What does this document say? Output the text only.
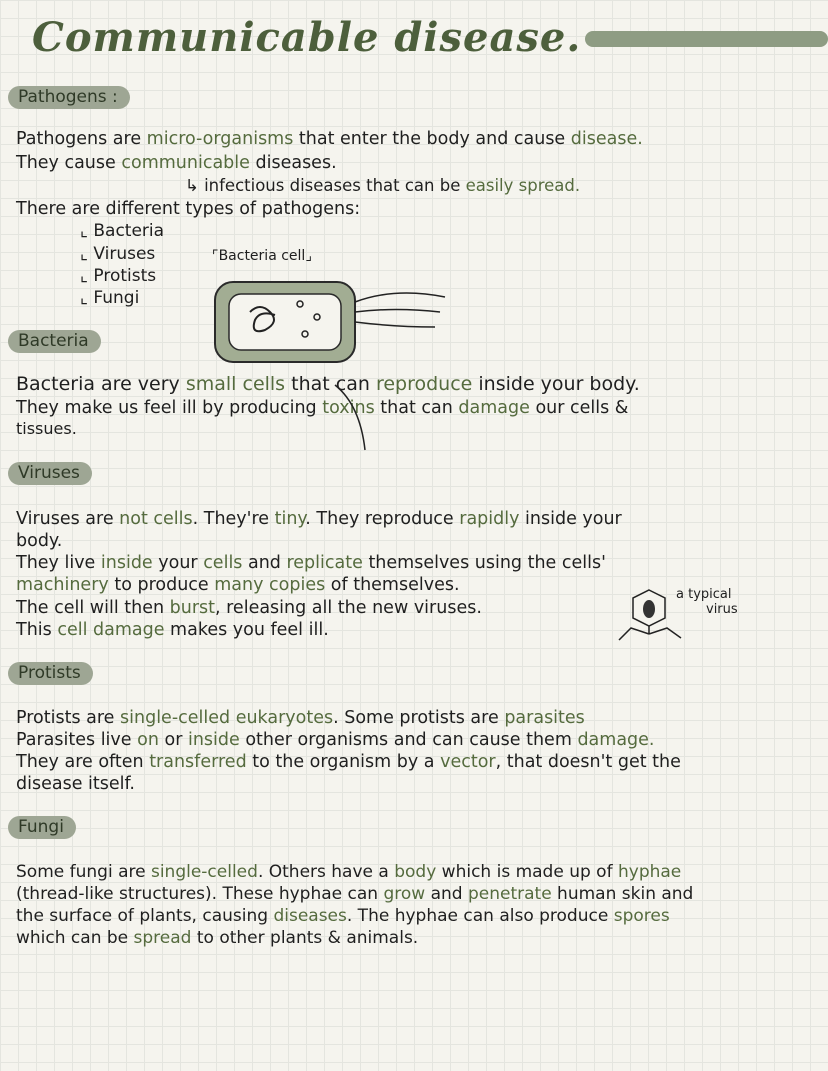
Communicable disease.
Pathogens :
Pathogens are micro-organisms that enter the body and cause disease.
They cause communicable diseases.
↳ infectious diseases that can be easily spread.
There are different types of pathogens:
⌞ Bacteria
⌞ Viruses
⌞ Protists
⌞ Fungi
⌜Bacteria cell⌟
Bacteria
Bacteria are very small cells that can reproduce inside your body.
They make us feel ill by producing toxins that can damage our cells &
tissues.
Viruses
Viruses are not cells. They're tiny. They reproduce rapidly inside your
body.
They live inside your cells and replicate themselves using the cells'
machinery to produce many copies of themselves.
The cell will then burst, releasing all the new viruses.
This cell damage makes you feel ill.
a typical
virus
Protists
Protists are single-celled eukaryotes. Some protists are parasites
Parasites live on or inside other organisms and can cause them damage.
They are often transferred to the organism by a vector, that doesn't get the
disease itself.
Fungi
Some fungi are single-celled. Others have a body which is made up of hyphae
(thread-like structures). These hyphae can grow and penetrate human skin and
the surface of plants, causing diseases. The hyphae can also produce spores
which can be spread to other plants & animals.
